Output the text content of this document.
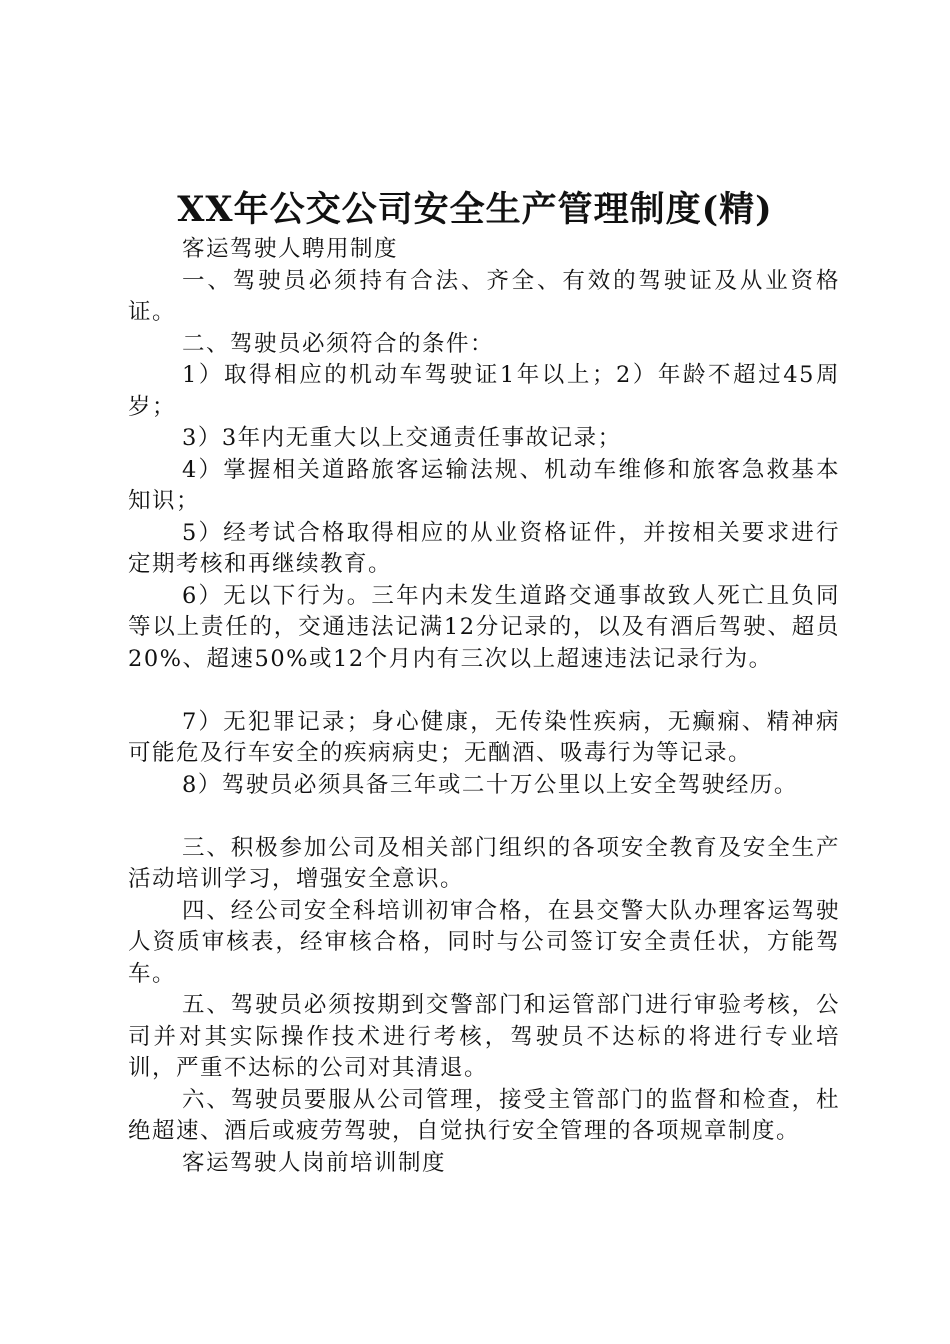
XX年公交公司安全生产管理制度(精)

客运驾驶人聘用制度

一、驾驶员必须持有合法、齐全、有效的驾驶证及从业资格证。

二、驾驶员必须符合的条件：

1）取得相应的机动车驾驶证1年以上；2）年龄不超过45周岁；

3）3年内无重大以上交通责任事故记录；

4）掌握相关道路旅客运输法规、机动车维修和旅客急救基本知识；

5）经考试合格取得相应的从业资格证件，并按相关要求进行定期考核和再继续教育。

6）无以下行为。三年内未发生道路交通事故致人死亡且负同等以上责任的，交通违法记满12分记录的，以及有酒后驾驶、超员20%、超速50%或12个月内有三次以上超速违法记录行为。

7）无犯罪记录；身心健康，无传染性疾病，无癫痫、精神病可能危及行车安全的疾病病史；无酗酒、吸毒行为等记录。

8）驾驶员必须具备三年或二十万公里以上安全驾驶经历。

三、积极参加公司及相关部门组织的各项安全教育及安全生产活动培训学习，增强安全意识。

四、经公司安全科培训初审合格，在县交警大队办理客运驾驶人资质审核表，经审核合格，同时与公司签订安全责任状，方能驾车。

五、驾驶员必须按期到交警部门和运管部门进行审验考核，公司并对其实际操作技术进行考核，驾驶员不达标的将进行专业培训，严重不达标的公司对其清退。

六、驾驶员要服从公司管理，接受主管部门的监督和检查，杜绝超速、酒后或疲劳驾驶，自觉执行安全管理的各项规章制度。

客运驾驶人岗前培训制度
